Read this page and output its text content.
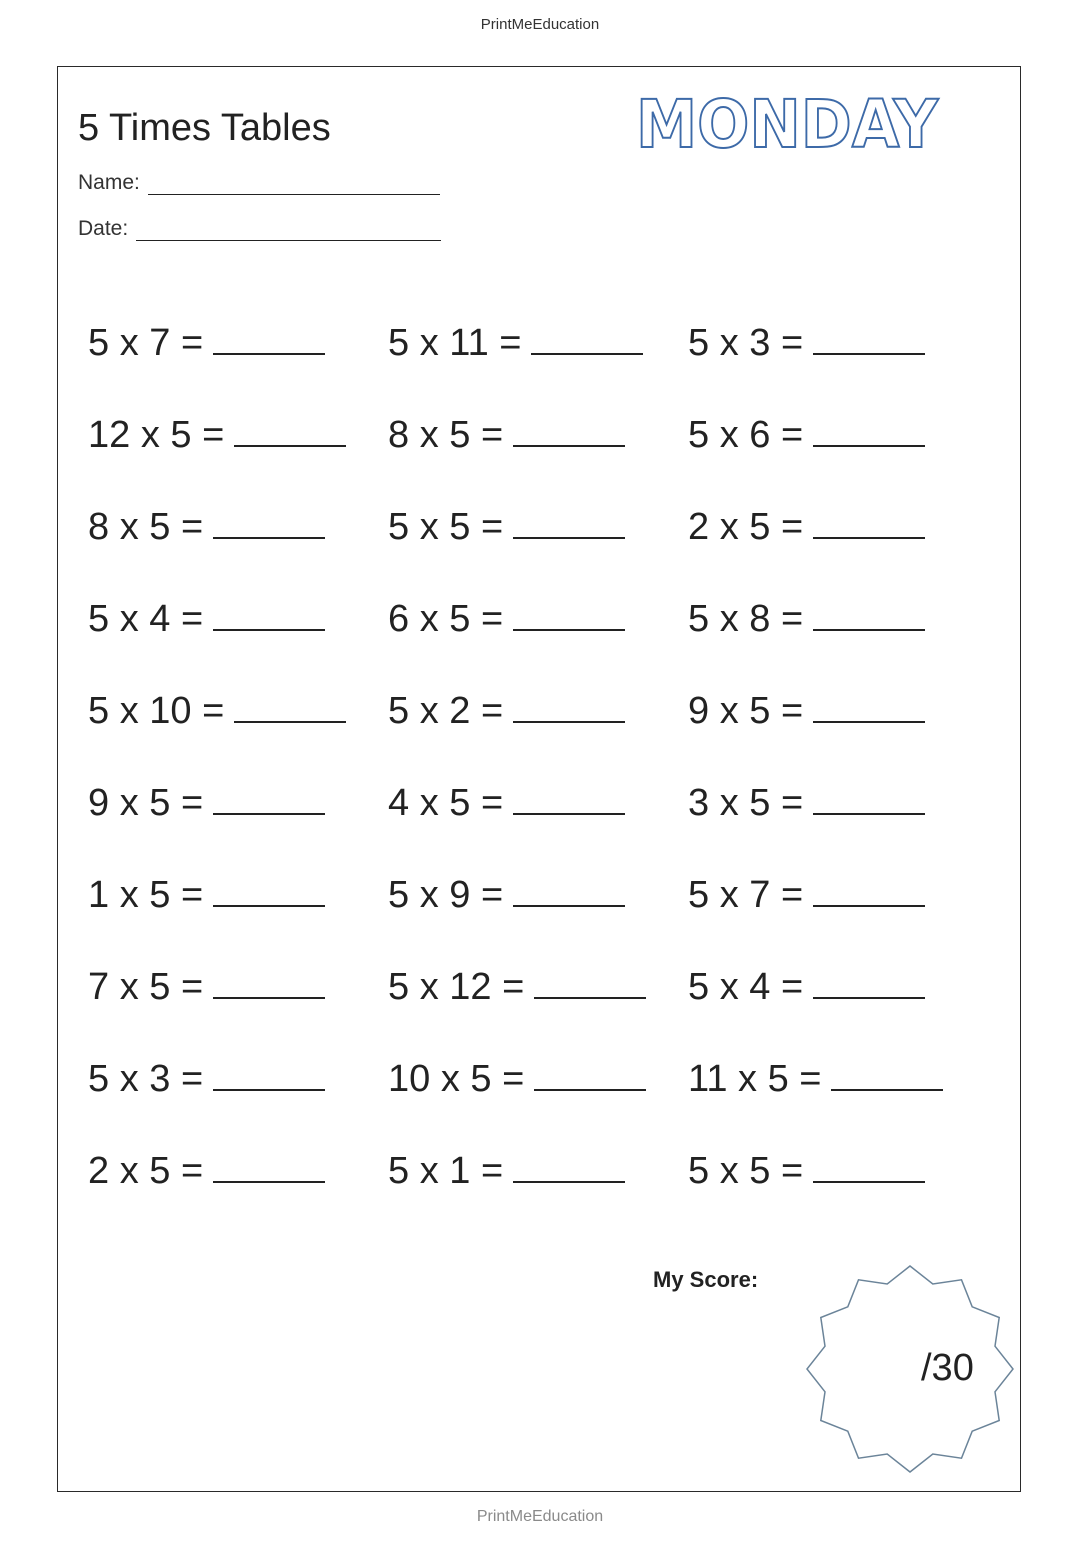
PrintMeEducation
5 Times Tables	MONDAY
Name:
Date:
5 x 7 =	5 x 11 =	5 x 3 =
12 x 5 =	8 x 5 =	5 x 6 =
8 x 5 =	5 x 5 =	2 x 5 =
5 x 4 =	6 x 5 =	5 x 8 =
5 x 10 =	5 x 2 =	9 x 5 =
9 x 5 =	4 x 5 =	3 x 5 =
1 x 5 =	5 x 9 =	5 x 7 =
7 x 5 =	5 x 12 =	5 x 4 =
5 x 3 =	10 x 5 =	11 x 5 =
2 x 5 =	5 x 1 =	5 x 5 =
My Score:
/30
PrintMeEducation
